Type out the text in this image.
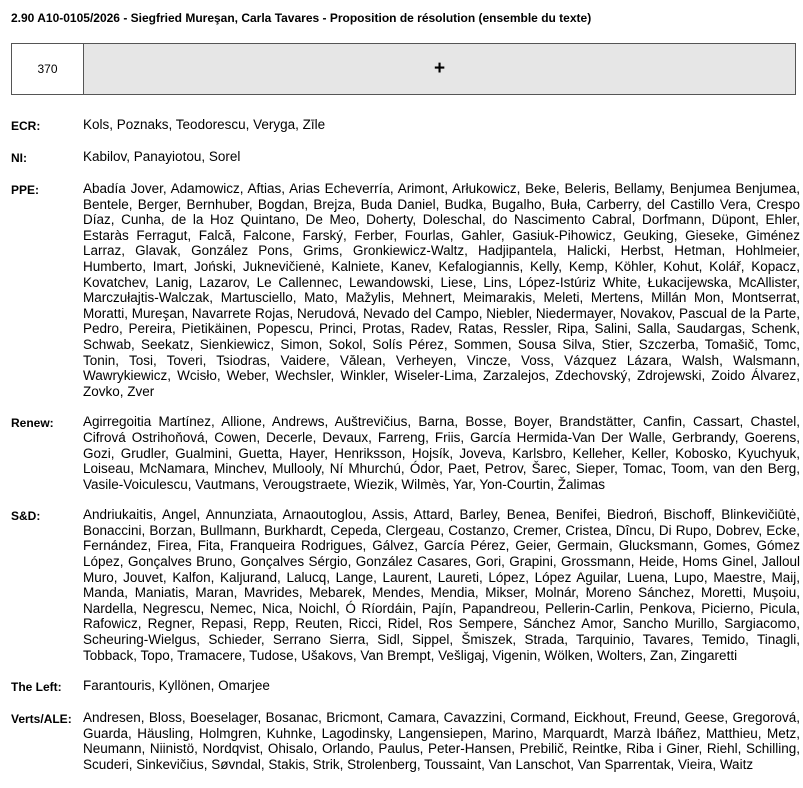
2.90 A10-0105/2026 - Siegfried Mureşan, Carla Tavares - Proposition de résolution (ensemble du texte)
370	+
ECR:	Kols, Poznaks, Teodorescu, Veryga, Zīle
NI:	Kabilov, Panayiotou, Sorel
PPE:	Abadía Jover, Adamowicz, Aftias, Arias Echeverría, Arimont, Arłukowicz, Beke, Beleris, Bellamy, Benjumea Benjumea, Bentele, Berger, Bernhuber, Bogdan, Brejza, Buda Daniel, Budka, Bugalho, Buła, Carberry, del Castillo Vera, Crespo Díaz, Cunha, de la Hoz Quintano, De Meo, Doherty, Doleschal, do Nascimento Cabral, Dorfmann, Düpont, Ehler, Estaràs Ferragut, Falcă, Falcone, Farský, Ferber, Fourlas, Gahler, Gasiuk-Pihowicz, Geuking, Gieseke, Giménez Larraz, Glavak, González Pons, Grims, Gronkiewicz-Waltz, Hadjipantela, Halicki, Herbst, Hetman, Hohlmeier, Humberto, Imart, Joński, Juknevičienė, Kalniete, Kanev, Kefalogiannis, Kelly, Kemp, Köhler, Kohut, Kolář, Kopacz, Kovatchev, Lanig, Lazarov, Le Callennec, Lewandowski, Liese, Lins, López-Istúriz White, Łukacijewska, McAllister, Marczułajtis-Walczak, Martusciello, Mato, Mažylis, Mehnert, Meimarakis, Meleti, Mertens, Millán Mon, Montserrat, Moratti, Mureşan, Navarrete Rojas, Nerudová, Nevado del Campo, Niebler, Niedermayer, Novakov, Pascual de la Parte, Pedro, Pereira, Pietikäinen, Popescu, Princi, Protas, Radev, Ratas, Ressler, Ripa, Salini, Salla, Saudargas, Schenk, Schwab, Seekatz, Sienkiewicz, Simon, Sokol, Solís Pérez, Sommen, Sousa Silva, Stier, Szczerba, Tomašič, Tomc, Tonin, Tosi, Toveri, Tsiodras, Vaidere, Vălean, Verheyen, Vincze, Voss, Vázquez Lázara, Walsh, Walsmann, Wawrykiewicz, Wcisło, Weber, Wechsler, Winkler, Wiseler-Lima, Zarzalejos, Zdechovský, Zdrojewski, Zoido Álvarez, Zovko, Zver
Renew:	Agirregoitia Martínez, Allione, Andrews, Auštrevičius, Barna, Bosse, Boyer, Brandstätter, Canfin, Cassart, Chastel, Cifrová Ostrihoňová, Cowen, Decerle, Devaux, Farreng, Friis, García Hermida-Van Der Walle, Gerbrandy, Goerens, Gozi, Grudler, Gualmini, Guetta, Hayer, Henriksson, Hojsík, Joveva, Karlsbro, Kelleher, Keller, Kobosko, Kyuchyuk, Loiseau, McNamara, Minchev, Mullooly, Ní Mhurchú, Ódor, Paet, Petrov, Šarec, Sieper, Tomac, Toom, van den Berg, Vasile-Voiculescu, Vautmans, Verougstraete, Wiezik, Wilmès, Yar, Yon-Courtin, Žalimas
S&D:	Andriukaitis, Angel, Annunziata, Arnaoutoglou, Assis, Attard, Barley, Benea, Benifei, Biedroń, Bischoff, Blinkevičiūtė, Bonaccini, Borzan, Bullmann, Burkhardt, Cepeda, Clergeau, Costanzo, Cremer, Cristea, Dîncu, Di Rupo, Dobrev, Ecke, Fernández, Firea, Fita, Franqueira Rodrigues, Gálvez, García Pérez, Geier, Germain, Glucksmann, Gomes, Gómez López, Gonçalves Bruno, Gonçalves Sérgio, González Casares, Gori, Grapini, Grossmann, Heide, Homs Ginel, Jalloul Muro, Jouvet, Kalfon, Kaljurand, Lalucq, Lange, Laurent, Laureti, López, López Aguilar, Luena, Lupo, Maestre, Maij, Manda, Maniatis, Maran, Mavrides, Mebarek, Mendes, Mendia, Mikser, Molnár, Moreno Sánchez, Moretti, Mușoiu, Nardella, Negrescu, Nemec, Nica, Noichl, Ó Ríordáin, Pajín, Papandreou, Pellerin-Carlin, Penkova, Picierno, Picula, Rafowicz, Regner, Repasi, Repp, Reuten, Ricci, Ridel, Ros Sempere, Sánchez Amor, Sancho Murillo, Sargiacomo, Scheuring-Wielgus, Schieder, Serrano Sierra, Sidl, Sippel, Šmiszek, Strada, Tarquinio, Tavares, Temido, Tinagli, Tobback, Topo, Tramacere, Tudose, Ušakovs, Van Brempt, Vešligaj, Vigenin, Wölken, Wolters, Zan, Zingaretti
The Left:	Farantouris, Kyllönen, Omarjee
Verts/ALE: Andresen, Bloss, Boeselager, Bosanac, Bricmont, Camara, Cavazzini, Cormand, Eickhout, Freund, Geese, Gregorová, Guarda, Häusling, Holmgren, Kuhnke, Lagodinsky, Langensiepen, Marino, Marquardt, Marzà Ibáñez, Matthieu, Metz, Neumann, Niinistö, Nordqvist, Ohisalo, Orlando, Paulus, Peter-Hansen, Prebilič, Reintke, Riba i Giner, Riehl, Schilling, Scuderi, Sinkevičius, Søvndal, Stakis, Strik, Strolenberg, Toussaint, Van Lanschot, Van Sparrentak, Vieira, Waitz
